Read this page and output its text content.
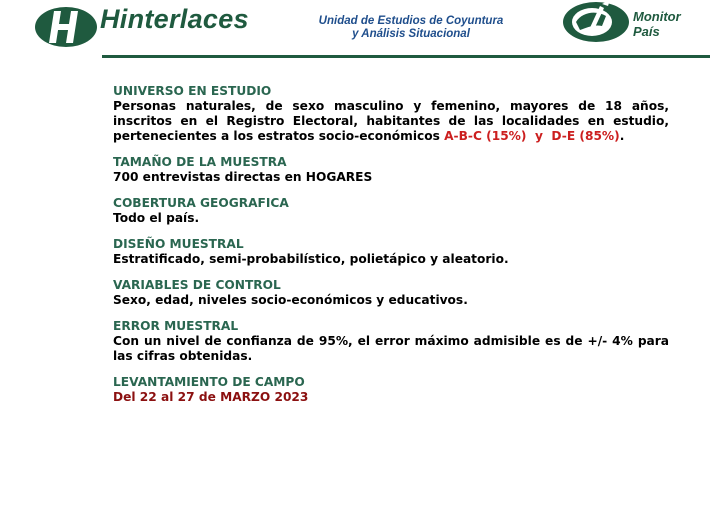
Hinterlaces	Unidad de Estudios de Coyuntura
y Análisis Situacional
Monitor
País

UNIVERSO EN ESTUDIO

Personas naturales, de sexo masculino y femenino, mayores de 18 años, inscritos en el Registro Electoral, habitantes de las localidades en estudio, pertenecientes a los estratos socio-económicos A-B-C (15%) y D-E (85%).

TAMAÑO DE LA MUESTRA

700 entrevistas directas en HOGARES

COBERTURA GEOGRAFICA

Todo el país.

DISEÑO MUESTRAL

Estratificado, semi-probabilístico, polietápico y aleatorio.

VARIABLES DE CONTROL

Sexo, edad, niveles socio-económicos y educativos.

ERROR MUESTRAL

Con un nivel de confianza de 95%, el error máximo admisible es de +/- 4% para las cifras obtenidas.

LEVANTAMIENTO DE CAMPO

Del 22 al 27 de MARZO 2023
